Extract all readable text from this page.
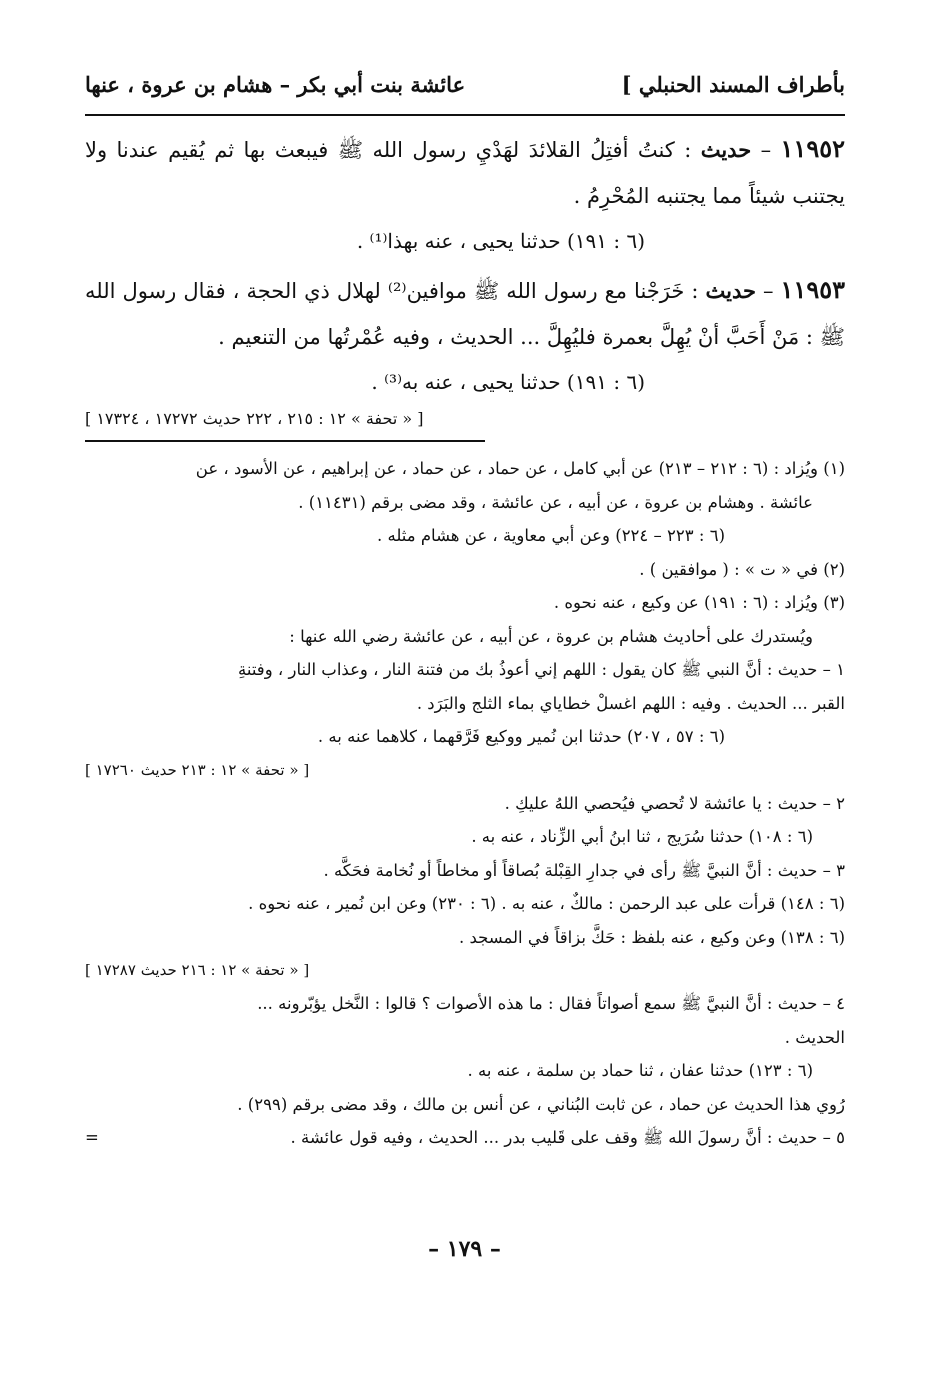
بأطراف المسند الحنبلي ]
عائشة بنت أبي بكر – هشام بن عروة ، عنها

١١٩٥٢ – حديث : كنتُ أفتِلُ القلائدَ لهَدْيِ رسول الله ﷺ فيبعث بها ثم يُقيم عندنا ولا يجتنب شيئاً مما يجتنبه المُحْرِمُ .

(٦ : ١٩١) حدثنا يحيى ، عنه بهذا⁽¹⁾ .

١١٩٥٣ – حديث : خَرَجْنا مع رسول الله ﷺ موافين⁽²⁾ لهلال ذي الحجة ، فقال رسول الله ﷺ : مَنْ أَحَبَّ أنْ يُهِلَّ بعمرة فليُهِلَّ ... الحديث ، وفيه عُمْرتُها من التنعيم .

(٦ : ١٩١) حدثنا يحيى ، عنه به⁽³⁾ .

[ « تحفة » ١٢ : ٢١٥ ، ٢٢٢ حديث ١٧٢٧٢ ، ١٧٣٢٤ ]

(١) ويُزاد : (٦ : ٢١٢ – ٢١٣) عن أبي كامل ، عن حماد ، عن حماد ، عن إبراهيم ، عن الأسود ، عن

عائشة . وهشام بن عروة ، عن أبيه ، عن عائشة ، وقد مضى برقم (١١٤٣١) .

(٦ : ٢٢٣ – ٢٢٤) وعن أبي معاوية ، عن هشام مثله .

(٢) في « ت » : ( موافقين ) .

(٣) ويُزاد : (٦ : ١٩١) عن وكيع ، عنه نحوه .

ويُستدرك على أحاديث هشام بن عروة ، عن أبيه ، عن عائشة رضي الله عنها :

١ – حديث : أنَّ النبي ﷺ كان يقول : اللهم إني أعوذُ بك من فتنة النار ، وعذاب النار ، وفتنةِ

القبر ... الحديث . وفيه : اللهم اغسلْ خطاياي بماء الثلج والبَرَد .

(٦ : ٥٧ ، ٢٠٧) حدثنا ابن نُمير ووكيع فَرَّقهما ، كلاهما عنه به .

[ « تحفة » ١٢ : ٢١٣ حديث ١٧٢٦٠ ]

٢ – حديث : يا عائشة لا تُحصي فيُحصي اللهُ عليكِ .

(٦ : ١٠٨) حدثنا سُرَيج ، ثنا ابنُ أبي الزِّناد ، عنه به .

٣ – حديث : أنَّ النبيَّ ﷺ رأى في جدارِ القِبْلة بُصاقاً أو مخاطاً أو نُخامة فحَكَّه .

(٦ : ١٤٨) قرأت على عبد الرحمن : مالكٌ ، عنه به . (٦ : ٢٣٠) وعن ابن نُمير ، عنه نحوه .

(٦ : ١٣٨) وعن وكيع ، عنه بلفظ : حَكَّ بزاقاً في المسجد .

[ « تحفة » ١٢ : ٢١٦ حديث ١٧٢٨٧ ]

٤ – حديث : أنَّ النبيَّ ﷺ سمع أصواتاً فقال : ما هذه الأصوات ؟ قالوا : النَّخل يؤبّرونه ...

الحديث .

(٦ : ١٢٣) حدثنا عفان ، ثنا حماد بن سلمة ، عنه به .

رُوي هذا الحديث عن حماد ، عن ثابت البُناني ، عن أنس بن مالك ، وقد مضى برقم (٢٩٩) .

٥ – حديث : أنَّ رسولَ الله ﷺ وقف على قَليب بدر ... الحديث ، وفيه قول عائشة .
=

– ١٧٩ –
